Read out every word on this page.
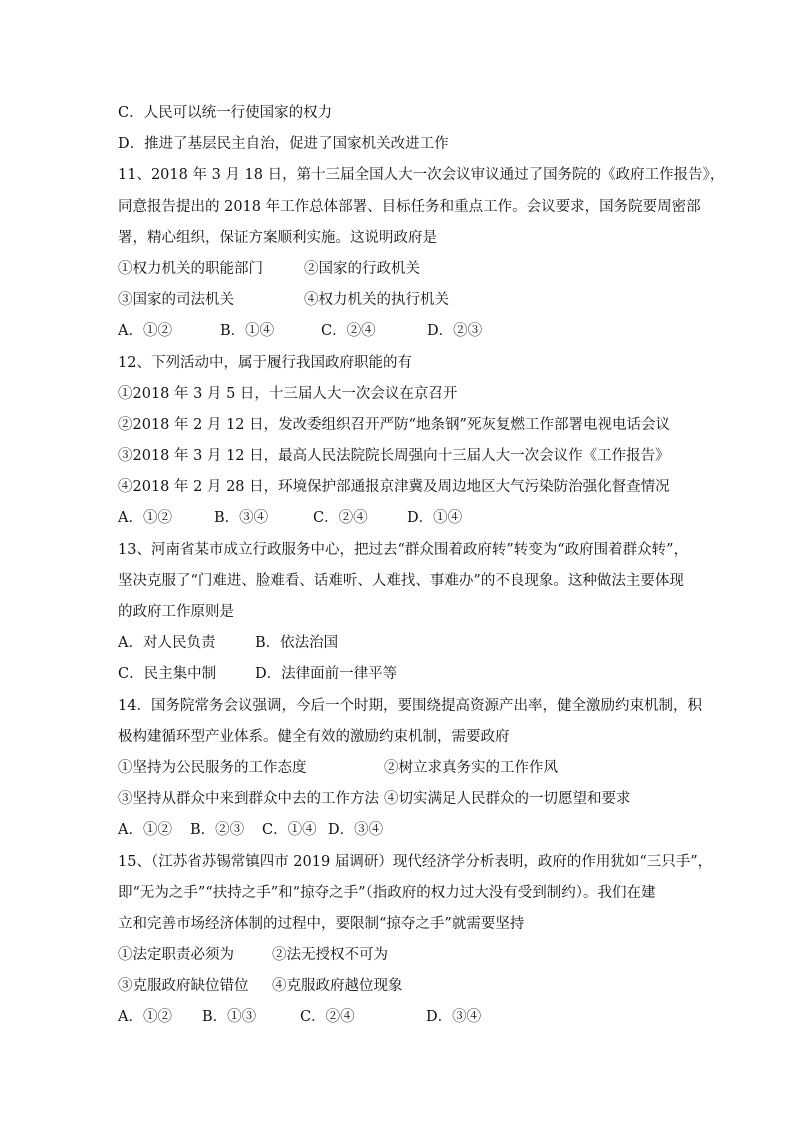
C．人民可以统一行使国家的权力
D．推进了基层民主自治，促进了国家机关改进工作
11、2018 年 3 月 18 日，第十三届全国人大一次会议审议通过了国务院的《政府工作报告》，
同意报告提出的 2018 年工作总体部署、目标任务和重点工作。会议要求，国务院要周密部
署，精心组织，保证方案顺利实施。这说明政府是
①权力机关的职能部门	②国家的行政机关
③国家的司法机关	④权力机关的执行机关
A．①②	B．①④	C．②④	D．②③
12、下列活动中，属于履行我国政府职能的有
①2018 年 3 月 5 日，十三届人大一次会议在京召开
②2018 年 2 月 12 日，发改委组织召开严防“地条钢”死灰复燃工作部署电视电话会议
③2018 年 3 月 12 日，最高人民法院院长周强向十三届人大一次会议作《工作报告》
④2018 年 2 月 28 日，环境保护部通报京津冀及周边地区大气污染防治强化督查情况
A．①②	B．③④	C．②④	D．①④
13、河南省某市成立行政服务中心，把过去“群众围着政府转”转变为“政府围着群众转”，
坚决克服了“门难进、脸难看、话难听、人难找、事难办”的不良现象。这种做法主要体现
的政府工作原则是
A．对人民负责	B．依法治国
C．民主集中制	D．法律面前一律平等
14．国务院常务会议强调，今后一个时期，要围绕提高资源产出率，健全激励约束机制，积
极构建循环型产业体系。健全有效的激励约束机制，需要政府
①坚持为公民服务的工作态度	②树立求真务实的工作作风
③坚持从群众中来到群众中去的工作方法 ④切实满足人民群众的一切愿望和要求
A．①② B．②③ C．①④ D．③④
15、（江苏省苏锡常镇四市 2019 届调研）现代经济学分析表明，政府的作用犹如“三只手”，
即“无为之手”“扶持之手”和“掠夺之手”（指政府的权力过大没有受到制约）。我们在建
立和完善市场经济体制的过程中，要限制“掠夺之手”就需要坚持
①法定职责必须为	②法无授权不可为
③克服政府缺位错位 ④克服政府越位现象
A．①② B．①③	C．②④	D．③④
